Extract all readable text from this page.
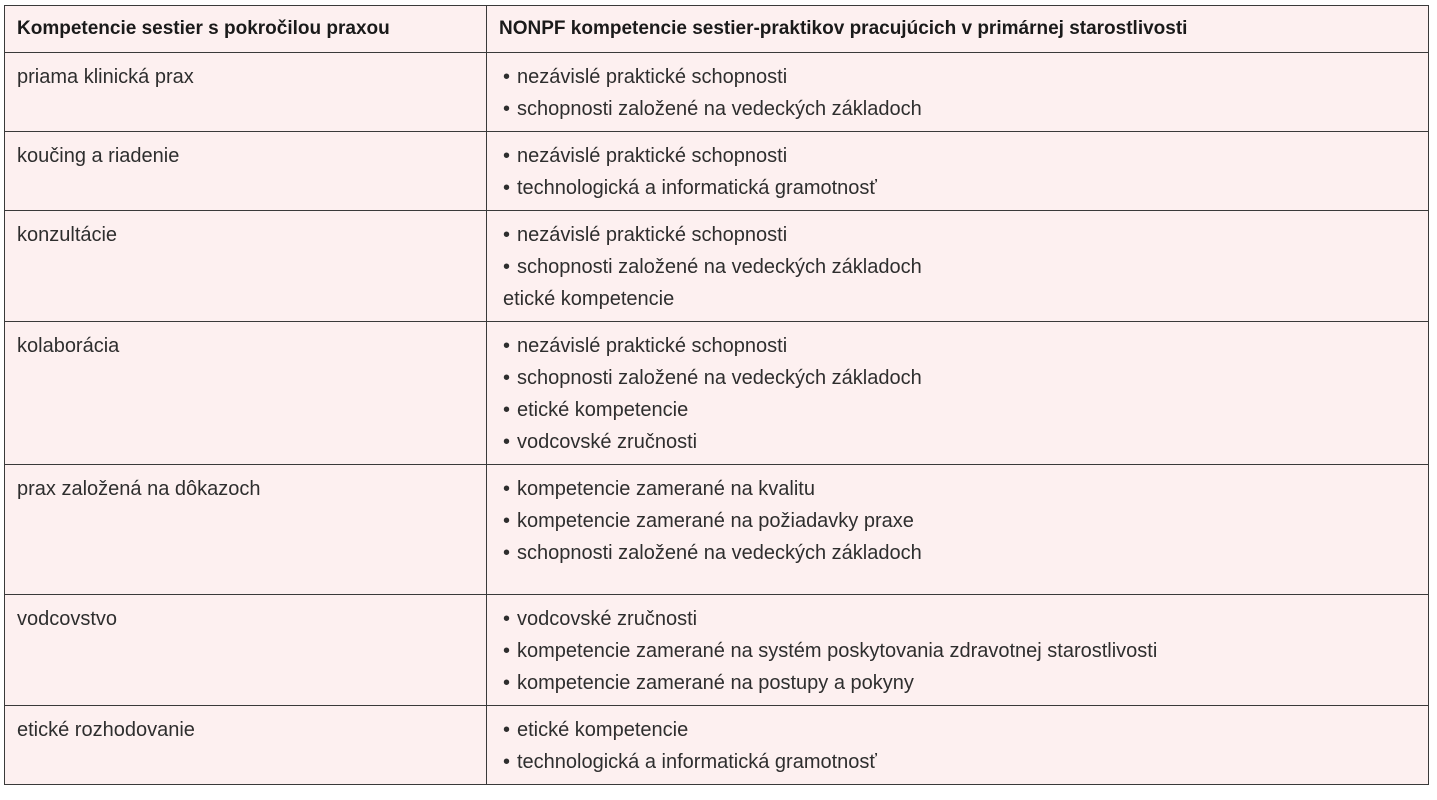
Kompetencie sestier s pokročilou praxou	NONPF kompetencie sestier-praktikov pracujúcich v primárnej starostlivosti
priama klinická prax	• nezávislé praktické schopnosti
• schopnosti založené na vedeckých základoch

koučing a riadenie	• nezávislé praktické schopnosti
• technologická a informatická gramotnosť

konzultácie	• nezávislé praktické schopnosti
• schopnosti založené na vedeckých základoch
etické kompetencie

kolaborácia	• nezávislé praktické schopnosti
• schopnosti založené na vedeckých základoch
• etické kompetencie
• vodcovské zručnosti

prax založená na dôkazoch	• kompetencie zamerané na kvalitu
• kompetencie zamerané na požiadavky praxe
• schopnosti založené na vedeckých základoch

vodcovstvo	• vodcovské zručnosti
• kompetencie zamerané na systém poskytovania zdravotnej starostlivosti
• kompetencie zamerané na postupy a pokyny

etické rozhodovanie	• etické kompetencie
• technologická a informatická gramotnosť
